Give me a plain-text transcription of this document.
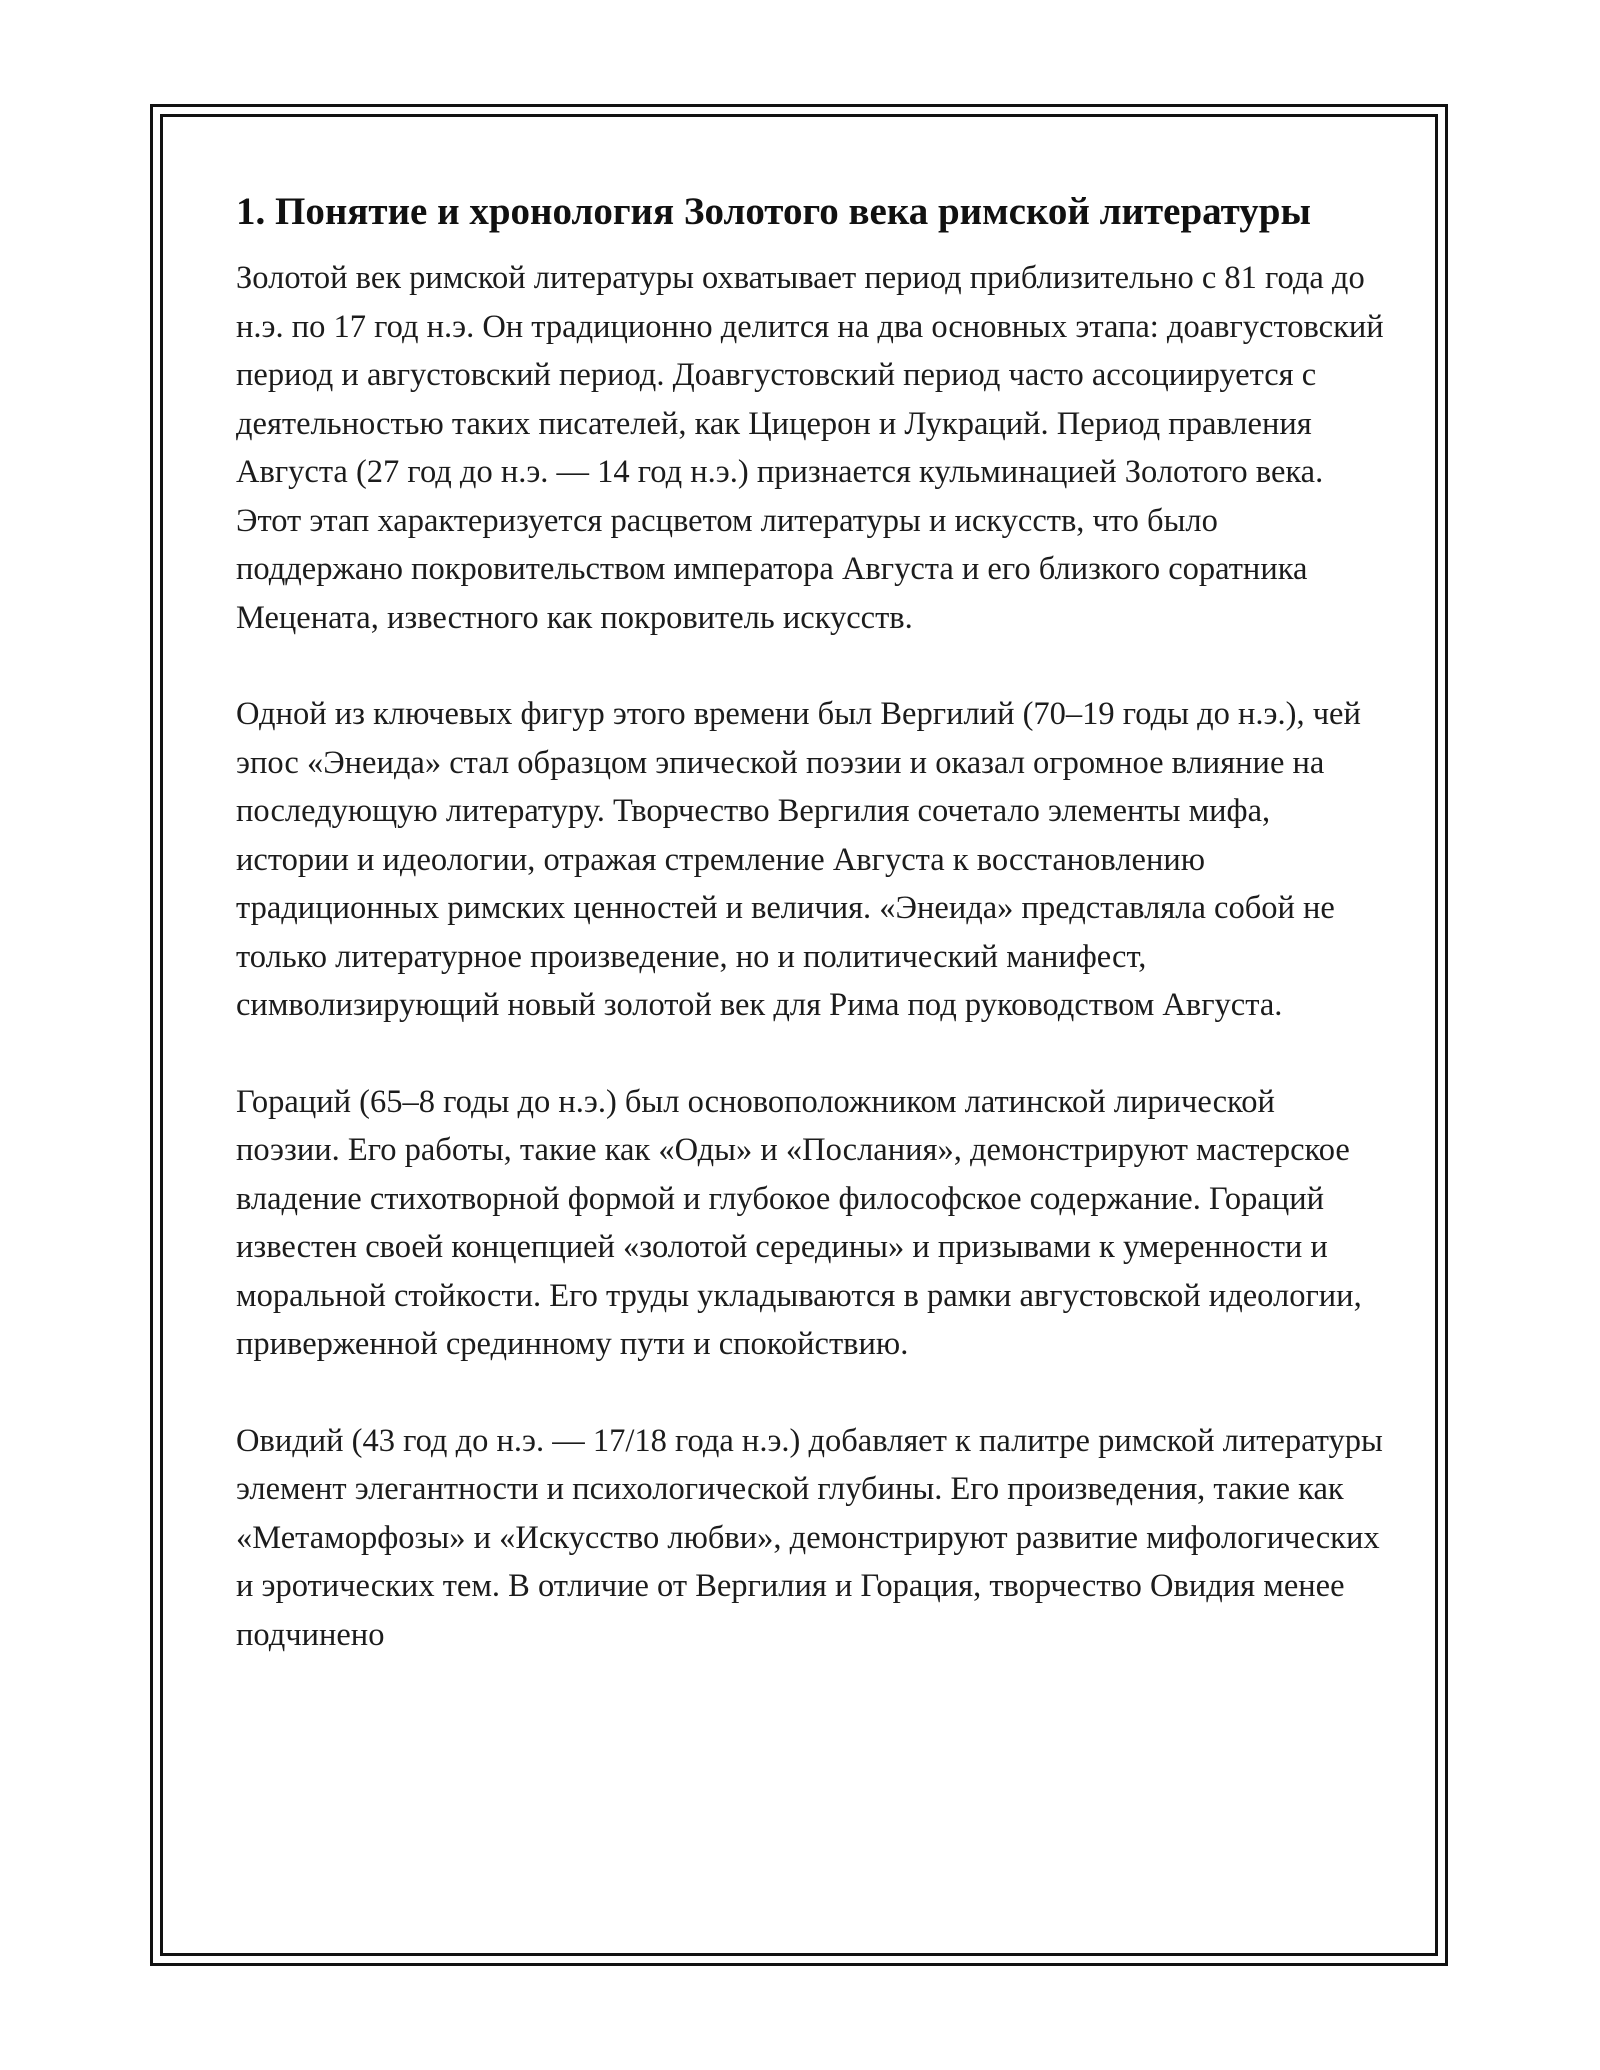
1. Понятие и хронология Золотого века римской литературы

Золотой век римской литературы охватывает период приблизительно с 81 года до н.э. по 17 год н.э. Он традиционно делится на два основных этапа: доавгустовский период и августовский период. Доавгустовский период часто ассоциируется с деятельностью таких писателей, как Цицерон и Лукраций. Период правления Августа (27 год до н.э. — 14 год н.э.) признается кульминацией Золотого века. Этот этап характеризуется расцветом литературы и искусств, что было поддержано покровительством императора Августа и его близкого соратника Мецената, известного как покровитель искусств.

Одной из ключевых фигур этого времени был Вергилий (70–19 годы до н.э.), чей эпос «Энеида» стал образцом эпической поэзии и оказал огромное влияние на последующую литературу. Творчество Вергилия сочетало элементы мифа, истории и идеологии, отражая стремление Августа к восстановлению традиционных римских ценностей и величия. «Энеида» представляла собой не только литературное произведение, но и политический манифест, символизирующий новый золотой век для Рима под руководством Августа.

Гораций (65–8 годы до н.э.) был основоположником латинской лирической поэзии. Его работы, такие как «Оды» и «Послания», демонстрируют мастерское владение стихотворной формой и глубокое философское содержание. Гораций известен своей концепцией «золотой середины» и призывами к умеренности и моральной стойкости. Его труды укладываются в рамки августовской идеологии, приверженной срединному пути и спокойствию.

Овидий (43 год до н.э. — 17/18 года н.э.) добавляет к палитре римской литературы элемент элегантности и психологической глубины. Его произведения, такие как «Метаморфозы» и «Искусство любви», демонстрируют развитие мифологических и эротических тем. В отличие от Вергилия и Горация, творчество Овидия менее подчинено
